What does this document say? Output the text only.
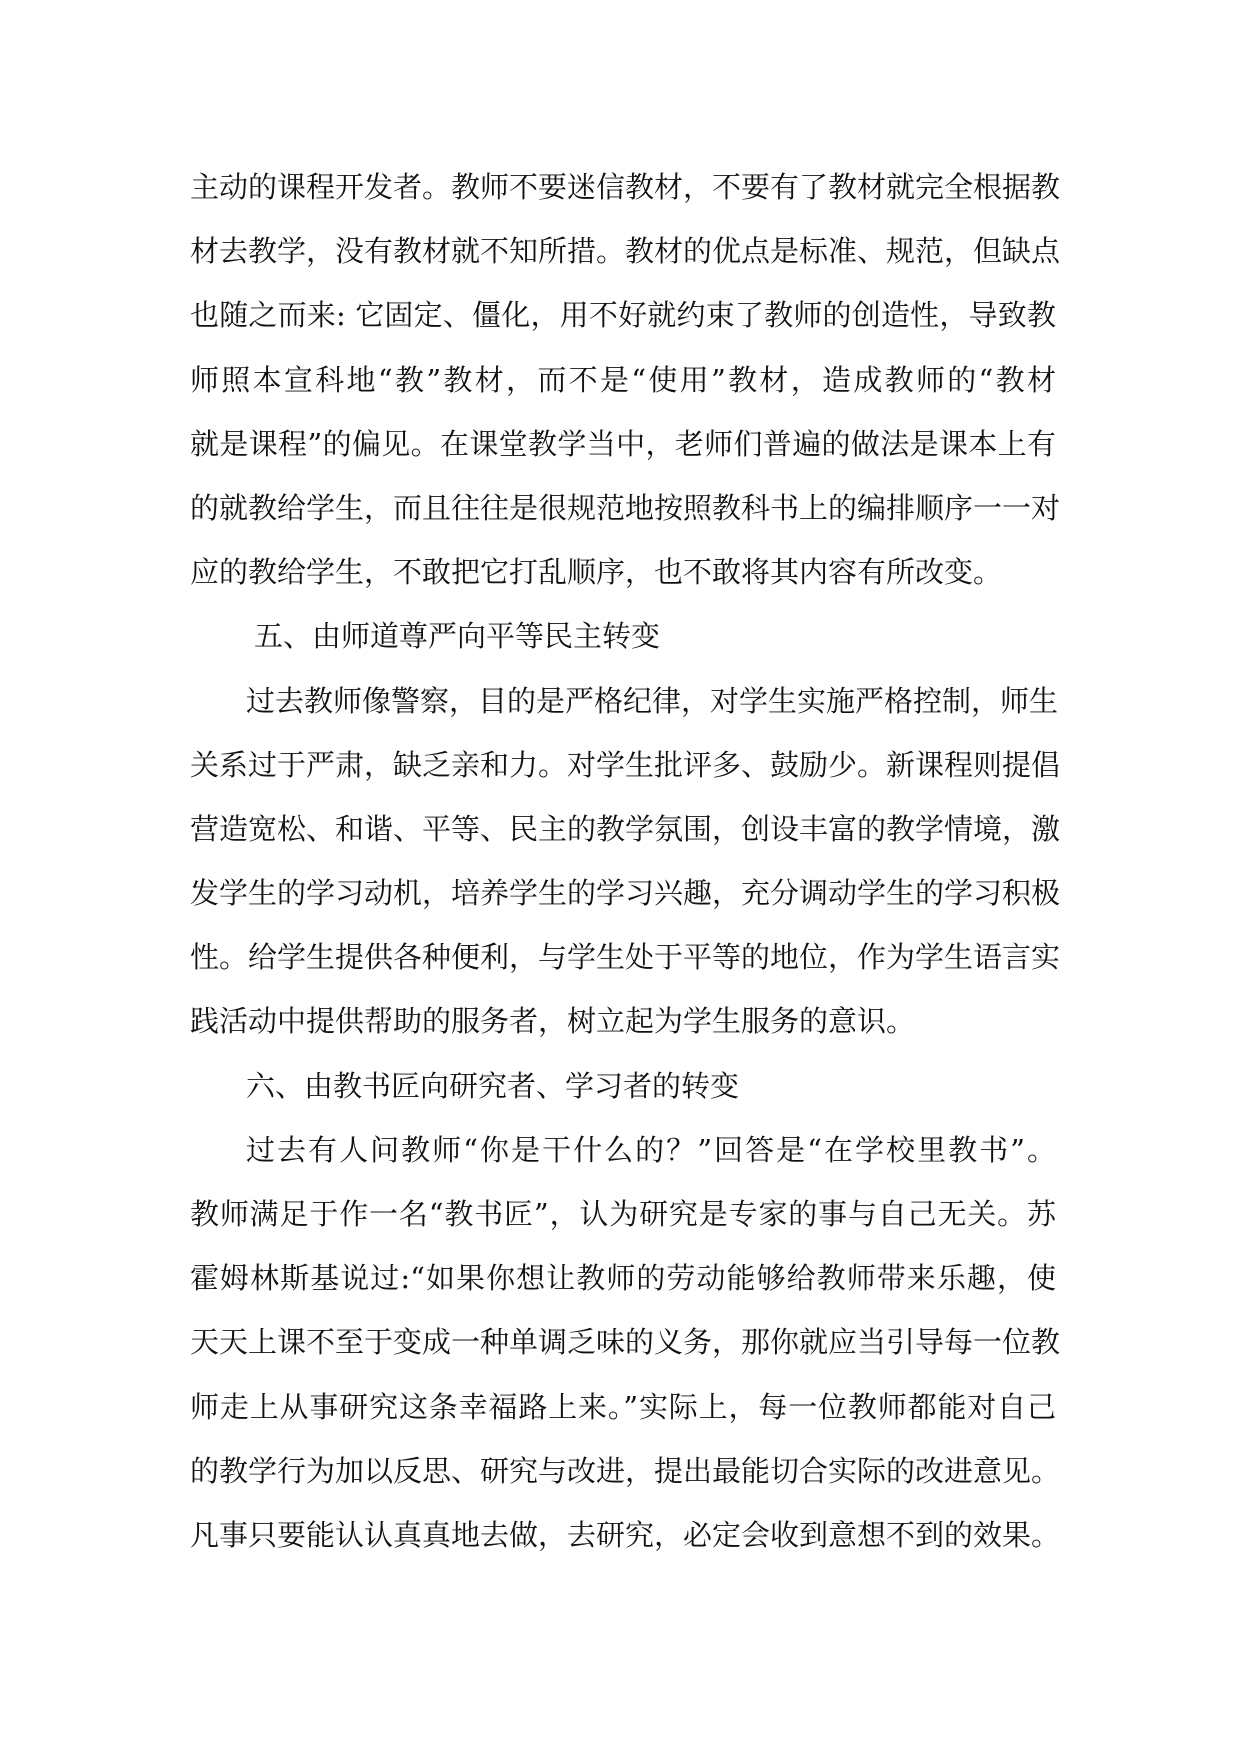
主动的课程开发者。教师不要迷信教材，不要有了教材就完全根据教
材去教学，没有教材就不知所措。教材的优点是标准、规范，但缺点
也随之而来: 它固定、僵化，用不好就约束了教师的创造性，导致教
师照本宣科地“教”教材，而不是“使用”教材，造成教师的“教材
就是课程”的偏见。在课堂教学当中，老师们普遍的做法是课本上有
的就教给学生，而且往往是很规范地按照教科书上的编排顺序一一对
应的教给学生，不敢把它打乱顺序，也不敢将其内容有所改变。
五、由师道尊严向平等民主转变
过去教师像警察，目的是严格纪律，对学生实施严格控制，师生
关系过于严肃，缺乏亲和力。对学生批评多、鼓励少。新课程则提倡
营造宽松、和谐、平等、民主的教学氛围，创设丰富的教学情境，激
发学生的学习动机，培养学生的学习兴趣，充分调动学生的学习积极
性。给学生提供各种便利，与学生处于平等的地位，作为学生语言实
践活动中提供帮助的服务者，树立起为学生服务的意识。
六、由教书匠向研究者、学习者的转变
过去有人问教师“你是干什么的？”回答是“在学校里教书”。
教师满足于作一名“教书匠”，认为研究是专家的事与自己无关。苏
霍姆林斯基说过:“如果你想让教师的劳动能够给教师带来乐趣，使
天天上课不至于变成一种单调乏味的义务，那你就应当引导每一位教
师走上从事研究这条幸福路上来。”实际上，每一位教师都能对自己
的教学行为加以反思、研究与改进，提出最能切合实际的改进意见。
凡事只要能认认真真地去做，去研究，必定会收到意想不到的效果。
